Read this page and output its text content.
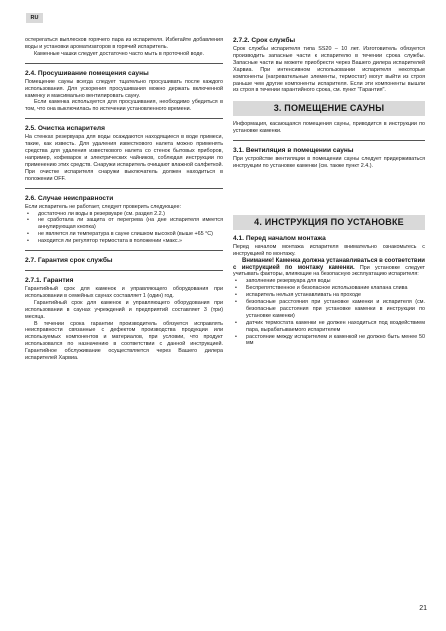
RU

остерегаться выплесков горячего пара из испарителя. Избегайте добавления воды и установки ароматизаторов в горячий испаритель.

Каменные чашки следует достаточно часто мыть в проточной воде.

2.4. Просушивание помещения сауны

Помещение сауны всегда следует тщательно просушивать после каждого использования. Для ускорения просушивания можно держать включенной каменку и максимально вентилировать сауну.

Если каменка используется для просушивания, необходимо убедиться в том, что она выключилась по истечении установленного времени.

2.5. Очистка испарителя

На стенках резервуара для воды осаждаются находящиеся в воде примеси, такие, как известь. Для удаления известкового налета можно применять средства для удаления известкового налета со стенок бытовых приборов, например, кофеварок и электрических чайников, соблюдая инструкции по применению этих средств. Снаружи испаритель очищают влажной салфеткой. При очистке испарителя снаружи выключатель должен находиться в положении OFF.

2.6. Случае неисправности

Если испаритель не работает, следует проверить следующее:

• достаточно ли воды в резервуаре (см. раздел 2.2.)
• не сработала ли защита от перегрева (на дне испарителя имеется аннулирующая кнопка)
• не является ли температура в сауне слишком высокой (выше +65 °C)
• находится ли регулятор термостата в положении «макс.»
2.7. Гарантия срок службы
2.7.1. Гарантия

Гарантийный срок для каменок и управляющего оборудования при использовании в семейных саунах составляет 1 (один) год.

Гарантийный срок для каменок и управляющего оборудования при использовании в саунах учреждений и предприятий составляет 3 (три) месяца.

В течении срока гарантии производитель обязуется исправлять неисправности связанные с дефектом производства продукции или используемых компонентов и материалов, при условии, что продукт использовался по назначению в соответствии с данной инструкцией. Гарантийное обслуживание осуществляется через Вашего дилера испарителей Харвиа.

2.7.2. Срок службы

Срок службы испарителя типа SS20 – 10 лет. Изготовитель обязуется производить запасные части к испарителю в течении срока службы. Запасные части вы можете приобрести через Вашего дилера испарителей Харвиа. При интенсивном использовании испарителя некоторые компоненты (нагревательные элементы, термостат) могут выйти из строя раньше чем другие компоненты испарителя. Если эти компоненты вышли из строя в течении гарантийного срока, см. пункт "Гарантия".

3. ПОМЕЩЕНИЕ САУНЫ

Информация, касающаяся помещения сауны, приводится в инструкции по установке каменки.

3.1. Вентиляция в помещении сауны

При устройстве вентиляции в помещении сауны следует придерживаться инструкции по установке каменки (см. также пункт 2.4.).

4. ИНСТРУКЦИЯ ПО УСТАНОВКЕ
4.1. Перед началом монтажа

Перед началом монтажа испарителя внимательно ознакомьтесь с инструкцией по монтажу.

Внимание! Каменка должна устанавливаться в соответствии с инструкцией по монтажу каменки. При установке следует учитывать факторы, влияющие на безопасную эксплуатацию испарителя:

• заполнение резервуара для воды
• Беспрепятственное и безопасное использование клапана слива
• испаритель нельзя устанавливать на проходе
• безопасные расстояния при установке каменки и испарителя (см. безопасные расстояния при установке каменки в инструкции по установке каменки)
• датчик термостата каменки не должен находиться под воздействием пара, вырабатываемого испарителем
• расстояние между испарителем и каменкой не должно быть менее 50 мм
21
